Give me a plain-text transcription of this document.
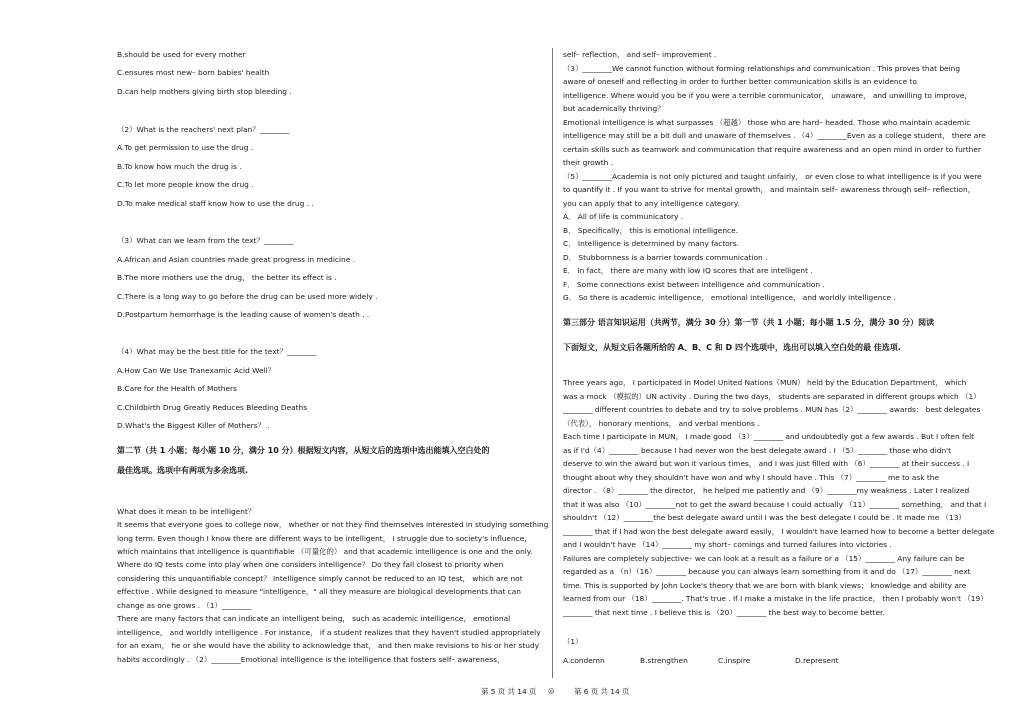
B.should be used for every mother
C.ensures most new– born babies' health
D.can help mothers giving birth stop bleeding .
（2）What is the reachers' next plan？________
A.To get permission to use the drug .
B.To know how much the drug is .
C.To let more people know the drug .
D.To make medical staff know how to use the drug . .
（3）What can we learn from the text？________
A.African and Asian countries made great progress in medicine .
B.The more mothers use the drug， the better its effect is .
C.There is a long way to go before the drug can be used more widely .
D.Postpartum hemorrhage is the leading cause of women's death . .
（4）What may be the best title for the text？________
A.How Can We Use Tranexamic Acid Well？
B.Care for the Health of Mothers
C.Childbirth Drug Greatly Reduces Bleeding Deaths
D.What's the Biggest Killer of Mothers？ .
第二节（共 1 小题；每小题 10 分，满分 10 分）根据短文内容，从短文后的选项中选出能填入空白处的
最佳选项。选项中有两项为多余选项.
What does it mean to be intelligent？
It seems that everyone goes to college now， whether or not they find themselves interested in studying something
long term. Even though I know there are different ways to be intelligent， I struggle due to society's influence，
which maintains that intelligence is quantifiable （可量化的） and that academic intelligence is one and the only.
Where do IQ tests come into play when one considers intelligence？ Do they fall closest to priority when
considering this unquantifiable concept？ Intelligence simply cannot be reduced to an IQ test， which are not
effective . While designed to measure "intelligence，" all they measure are biological developments that can
change as one grows . （1）________
There are many factors that can indicate an intelligent being， such as academic intelligence， emotional
intelligence， and worldly intelligence . For instance， if a student realizes that they haven't studied appropriately
for an exam， he or she would have the ability to acknowledge that， and then make revisions to his or her study
habits accordingly . （2）________Emotional intelligence is the intelligence that fosters self– awareness，
self– reflection， and self– improvement .
（3）________We cannot function without forming relationships and communication . This proves that being
aware of oneself and reflecting in order to further better communication skills is an evidence to
intelligence. Where would you be if you were a terrible communicator， unaware， and unwilling to improve，
but academically thriving？
Emotional intelligence is what surpasses （超越） those who are hard– headed. Those who maintain academic
intelligence may still be a bit dull and unaware of themselves . （4）________Even as a college student， there are
certain skills such as teamwork and communication that require awareness and an open mind in order to further
their growth .
（5）________Academia is not only pictured and taught unfairly， or even close to what intelligence is if you were
to quantify it . If you want to strive for mental growth， and maintain self– awareness through self– reflection，
you can apply that to any intelligence category.
A． All of life is communicatory .
B． Specifically， this is emotional intelligence.
C． Intelligence is determined by many factors.
D． Stubbornness is a barrier towards communication .
E． In fact， there are many with low IQ scores that are intelligent .
F． Some connections exist between intelligence and communication .
G． So there is academic intelligence， emotional intelligence， and worldly intelligence .
第三部分 语言知识运用（共两节，满分 30 分）第一节（共 1 小题；每小题 1.5 分，满分 30 分）阅读
下面短文，从短文后各题所给的 A、B、C 和 D 四个选项中，选出可以填入空白处的最 佳选项.
Three years ago， I participated in Model United Nations（MUN） held by the Education Department， which
was a mock （模拟的）UN activity . During the two days， students are separated in different groups which （1）
________ different countries to debate and try to solve problems . MUN has（2）________ awards： best delegates
（代表）， honorary mentions， and verbal mentions .
Each time I participate in MUN， I made good （3）________ and undoubtedly got a few awards . But I often felt
as if I'd（4）________ because I had never won the best delegate award . I （5）________ those who didn't
deserve to win the award but won it various times， and I was just filled with （6）________ at their success . I
thought about why they shouldn't have won and why I should have . This （7）________ me to ask the
director . （8）________ the director， he helped me patiently and （9）________my weakness . Later I realized
that it was also （10）________not to get the award because I could actually （11）________ something， and that I
shouldn't （12）________the best delegate award until I was the best delegate I could be . It made me （13）
________ that if I had won the best delegate award easily， I wouldn't have learned how to become a better delegate
and I wouldn't have （14）________ my short– comings and turned failures into victories .
Failures are completely subjective– we can look at a result as a failure or a （15）________ Any failure can be
regarded as a （n）（16）________ because you can always learn something from it and do （17）________ next
time. This is supported by John Locke's theory that we are born with blank views； knowledge and ability are
learned from our （18）________. That's true . If I make a mistake in the life practice， then I probably won't （19）
________ that next time . I believe this is （20）________ the best way to become better.
（1）
A.condemn	B.strengthen	C.inspire	D.represent
第 5 页 共 14 页 ◎	第 6 页 共 14 页
